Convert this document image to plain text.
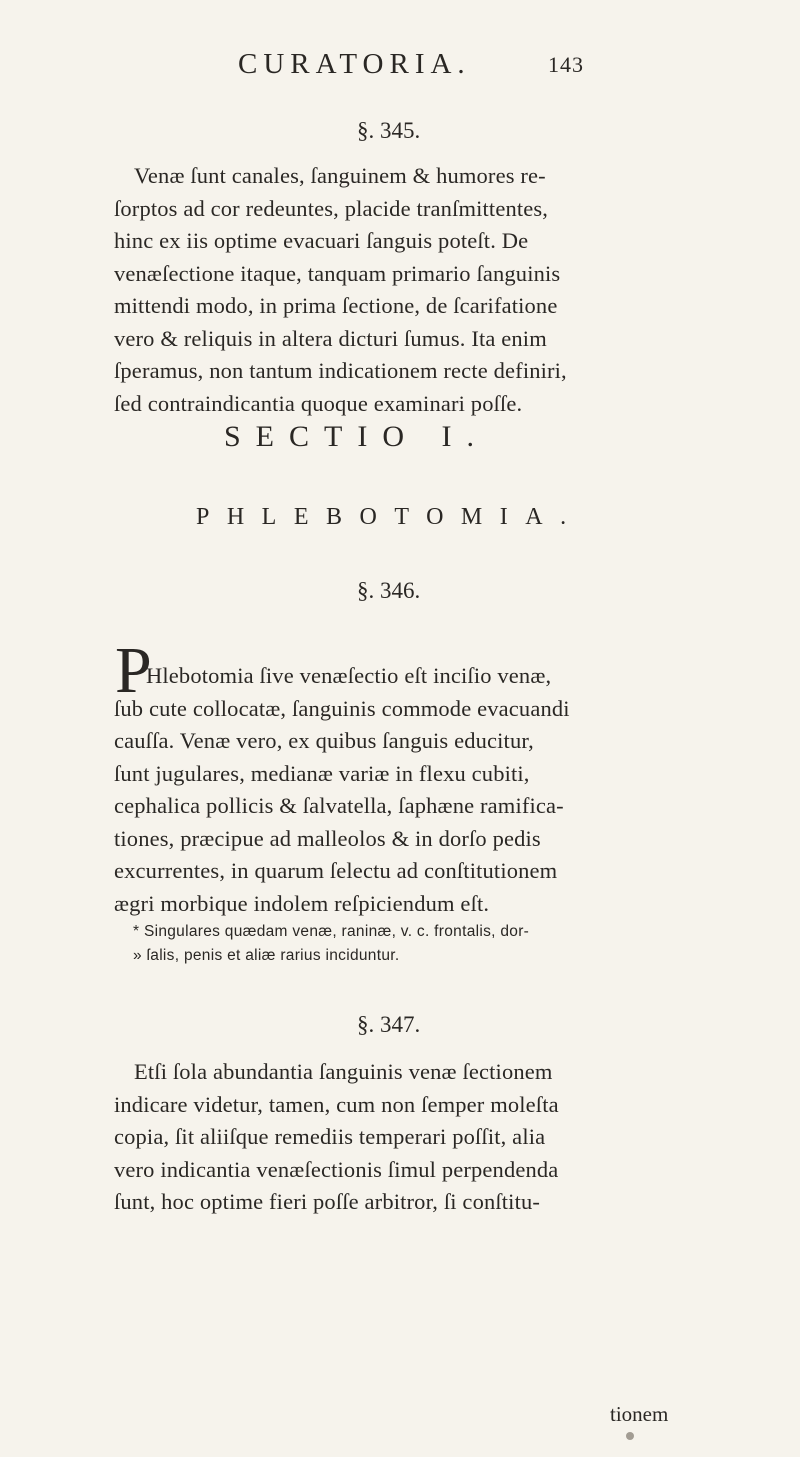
CURATORIA.	143
§. 345.
Venæ ſunt canales, ſanguinem & humores re-
ſorptos ad cor redeuntes, placide tranſmittentes,
hinc ex iis optime evacuari ſanguis poteſt. De
venæſectione itaque, tanquam primario ſanguinis
mittendi modo, in prima ſectione, de ſcarifatione
vero & reliquis in altera dicturi ſumus. Ita enim
ſperamus, non tantum indicationem recte definiri,
ſed contraindicantia quoque examinari poſſe.
SECTIO I.
PHLEBOTOMIA.
§. 346.
P
Hlebotomia ſive venæſectio eſt inciſio venæ,
ſub cute collocatæ, ſanguinis commode evacuandi
cauſſa. Venæ vero, ex quibus ſanguis educitur,
ſunt jugulares, medianæ variæ in flexu cubiti,
cephalica pollicis & ſalvatella, ſaphæne ramifica-
tiones, præcipue ad malleolos & in dorſo pedis
excurrentes, in quarum ſelectu ad conſtitutionem
ægri morbique indolem reſpiciendum eſt.
* Singulares quædam venæ, raninæ, v. c. frontalis, dor-
» ſalis, penis et aliæ rarius inciduntur.
§. 347.
Etſi ſola abundantia ſanguinis venæ ſectionem
indicare videtur, tamen, cum non ſemper moleſta
copia, ſit aliiſque remediis temperari poſſit, alia
vero indicantia venæſectionis ſimul perpendenda
ſunt, hoc optime fieri poſſe arbitror, ſi conſtitu-
tionem
